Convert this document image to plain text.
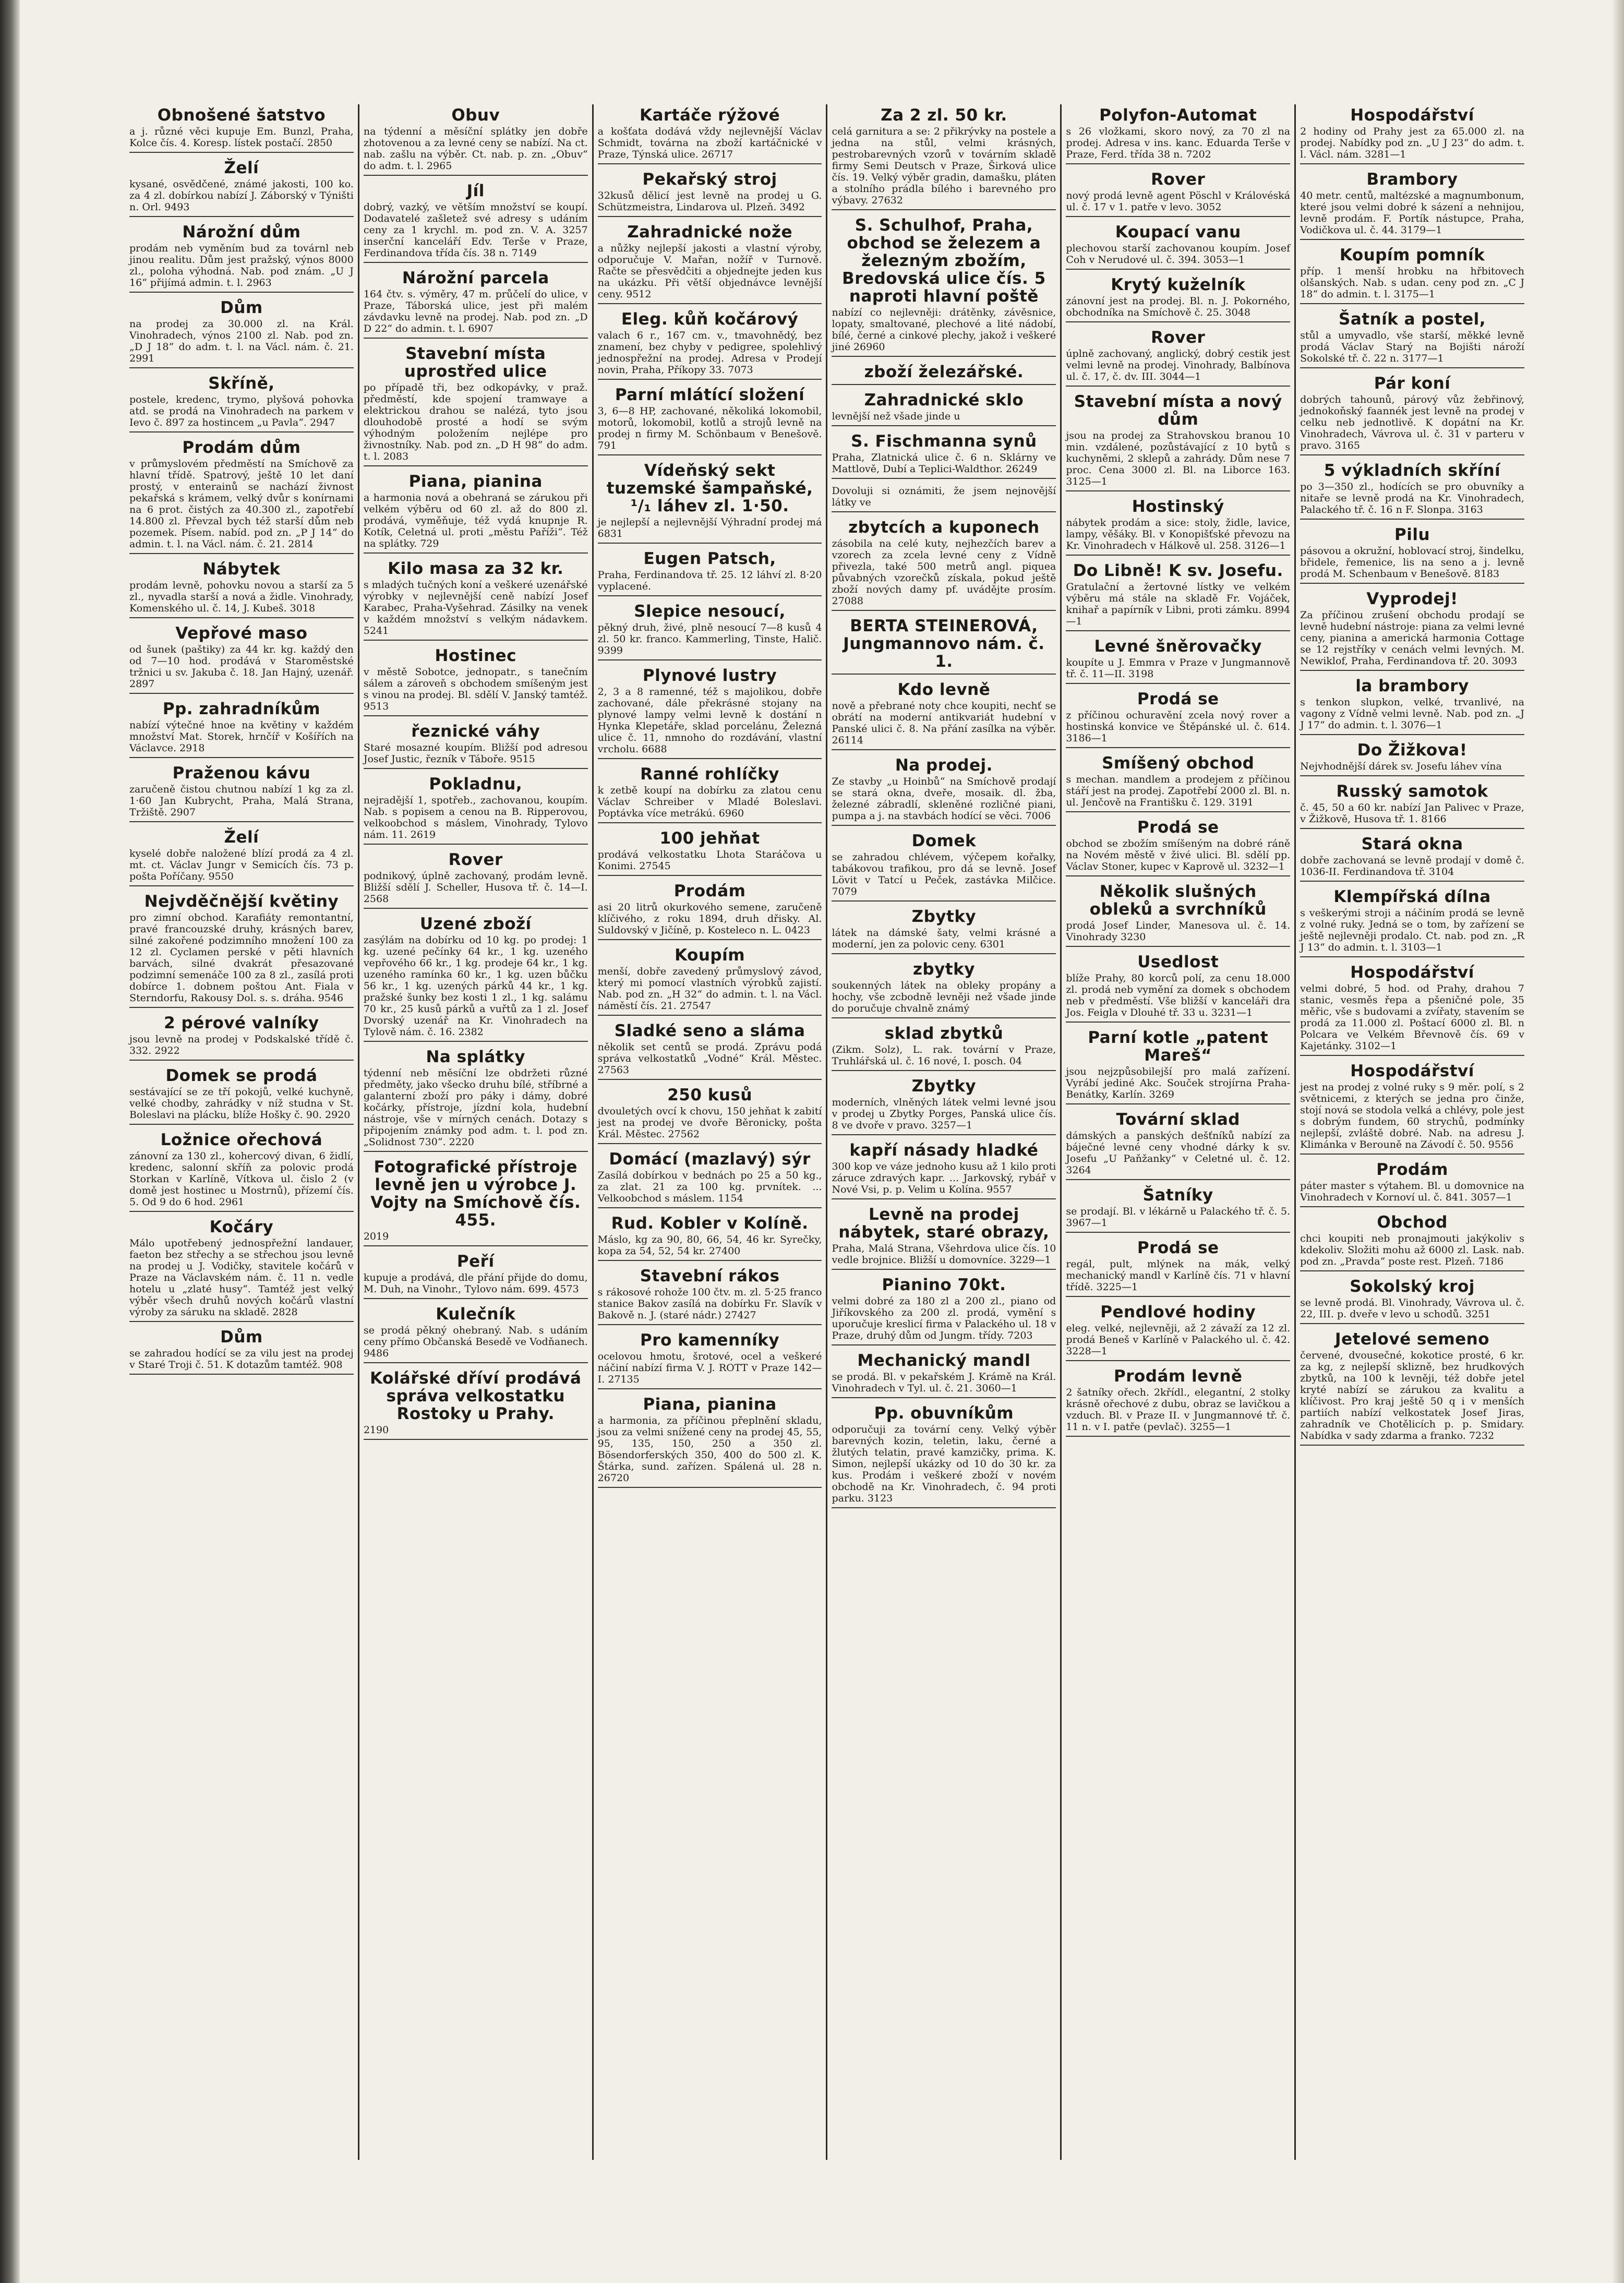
Obnošené šatstvo

a j. různé věci kupuje Em. Bunzl, Praha, Kolce čís. 4. Koresp. lístek postačí. 2850

Želí

kysané, osvědčené, známé jakosti, 100 ko. za 4 zl. dobírkou nabízí J. Záborský v Týništi n. Orl. 9493

Nárožní dům

prodám neb vyměním bud za továrnl neb jinou realitu. Dům jest pražský, výnos 8000 zl., poloha výhodná. Nab. pod znám. „U J 16“ přijímá admin. t. l. 2963

Dům

na prodej za 30.000 zl. na Král. Vinohradech, výnos 2100 zl. Nab. pod zn. „D J 18“ do adm. t. l. na Václ. nám. č. 21. 2991

Skříně,

postele, kredenc, trymo, plyšová pohovka atd. se prodá na Vinohradech na parkem v Ievo č. 897 za hostincem „u Pavla“. 2947

Prodám dům

v průmyslovém předměstí na Smíchově za hlavní třídě. Spatrový, ještě 10 let daní prostý, v enterainů se nachází živnost pekařská s krámem, velký dvůr s konírnami na 6 prot. čistých za 40.300 zl., zapotřebí 14.800 zl. Převzal bych též starší dům neb pozemek. Písem. nabíd. pod zn. „P J 14“ do admin. t. l. na Václ. nám. č. 21. 2814

Nábytek

prodám levně, pohovku novou a starší za 5 zl., nyvadla starší a nová a židle. Vinohrady, Komenského ul. č. 14, J. Kubeš. 3018

Vepřové maso

od šunek (paštiky) za 44 kr. kg. každý den od 7—10 hod. prodává v Staroměstské tržnici u sv. Jakuba č. 18. Jan Hajný, uzenář. 2897

Pp. zahradníkům

nabízí výtečné hnoe na květiny v každém množství Mat. Storek, hrnčíř v Košířích na Václavce. 2918

Praženou kávu

zaručeně čistou chutnou nabízí 1 kg za zl. 1·60 Jan Kubrycht, Praha, Malá Strana, Tržiště. 2907

Želí

kyselé dobře naložené blízí prodá za 4 zl. mt. ct. Václav Jungr v Semicích čís. 73 p. pošta Poříčany. 9550

Nejvděčnější květiny

pro zimní obchod. Karafiáty remontantní, pravé francouzské druhy, krásných barev, silné zakořené podzimního množení 100 za 12 zl. Cyclamen perské v pěti hlavních barvách, silné dvakrát přesazované podzimní semenáče 100 za 8 zl., zasílá proti dobírce 1. dobnem poštou Ant. Fiala v Sterndorfu, Rakousy Dol. s. s. dráha. 9546

2 pérové valníky

jsou levně na prodej v Podskalské třídě č. 332. 2922

Domek se prodá

sestávající se ze tří pokojů, velké kuchyně, velké chodby, zahrádky v níž studna v St. Boleslavi na plácku, blíže Hošky č. 90. 2920

Ložnice ořechová

zánovní za 130 zl., kohercový divan, 6 židlí, kredenc, salonní skříň za polovic prodá Storkan v Karlíně, Vítkova ul. čislo 2 (v domě jest hostinec u Mostrnů), přízemí čís. 5. Od 9 do 6 hod. 2961

Kočáry

Málo upotřebený jednospřežní landauer, faeton bez střechy a se střechou jsou levně na prodej u J. Vodičky, stavitele kočárů v Praze na Václavském nám. č. 11 n. vedle hotelu u „zlaté husy“. Tamtéž jest velký výběr všech druhů nových kočárů vlastní výroby za sáruku na skladě. 2828

Dům

se zahradou hodící se za vilu jest na prodej v Staré Troji č. 51. K dotazům tamtéž. 908

Obuv

na týdenní a měsíční splátky jen dobře zhotovenou a za levné ceny se nabízí. Na ct. nab. zašlu na výběr. Ct. nab. p. zn. „Obuv“ do adm. t. l. 2965

Jíl

dobrý, vazký, ve větším množství se koupí. Dodavatelé zašletež své adresy s udáním ceny za 1 krychl. m. pod zn. V. A. 3257 inserční kanceláří Edv. Terše v Praze, Ferdinandova třída čís. 38 n. 7149

Nárožní parcela

164 čtv. s. výměry, 47 m. průčelí do ulice, v Praze, Táborská ulice, jest při malém závdavku levně na prodej. Nab. pod zn. „D D 22“ do admin. t. l. 6907

Stavební místa uprostřed ulice

po případě tři, bez odkopávky, v praž. předměstí, kde spojení tramwaye a elektrickou drahou se nalézá, tyto jsou dlouhodobě prosté a hodí se svým výhodným položením nejlépe pro živnostníky. Nab. pod zn. „D H 98“ do adm. t. l. 2083

Piana, pianina

a harmonia nová a obehraná se zárukou při velkém výběru od 60 zl. až do 800 zl. prodává, vyměňuje, též vydá knupnje R. Kotík, Celetná ul. proti „městu Paříži“. Též na splátky. 729

Kilo masa za 32 kr.

s mladých tučných koní a veškeré uzenářské výrobky v nejlevnější ceně nabízí Josef Karabec, Praha-Vyšehrad. Zásilky na venek v každém množství s velkým nádavkem. 5241

Hostinec

v městě Sobotce, jednopatr., s tanečním sálem a zároveň s obchodem smíšeným jest s vinou na prodej. Bl. sdělí V. Janský tamtéž. 9513

řeznické váhy

Staré mosazné koupím. Bližší pod adresou Josef Justic, řezník v Táboře. 9515

Pokladnu,

nejradější 1, spotřeb., zachovanou, koupím. Nab. s popisem a cenou na B. Ripperovou, velkoobchod s máslem, Vinohrady, Tylovo nám. 11. 2619

Rover

podnikový, úplně zachovaný, prodám levně. Bližší sdělí J. Scheller, Husova tř. č. 14—I. 2568

Uzené zboží

zasýlám na dobírku od 10 kg. po prodej: 1 kg. uzené pečínky 64 kr., 1 kg. uzeného vepřového 66 kr., 1 kg. prodeje 64 kr., 1 kg. uzeného ramínka 60 kr., 1 kg. uzen bůčku 56 kr., 1 kg. uzených párků 44 kr., 1 kg. pražské šunky bez kosti 1 zl., 1 kg. salámu 70 kr., 25 kusů párků a vuřtů za 1 zl. Josef Dvorský uzenář na Kr. Vinohradech na Tylově nám. č. 16. 2382

Na splátky

týdenní neb měsíční lze obdržeti různé předměty, jako všecko druhu bílé, stříbrné a galanterní zboží pro páky i dámy, dobré kočárky, přístroje, jízdní kola, hudební nástroje, vše v mírných cenách. Dotazy s připojením známky pod adm. t. l. pod zn. „Solidnost 730“. 2220

Fotografické přístroje levně jen u výrobce J. Vojty na Smíchově čís. 455.

2019

Peří

kupuje a prodává, dle přání přijde do domu, M. Duh, na Vinohr., Tylovo nám. 699. 4573

Kulečník

se prodá pěkný ohebraný. Nab. s udáním ceny přímo Občanská Besedě ve Vodňanech. 9486

Kolářské dříví prodává správa velkostatku Rostoky u Prahy.

2190

Kartáče rýžové

a košťata dodává vždy nejlevnější Václav Schmidt, továrna na zboží kartáčnické v Praze, Týnská ulice. 26717

Pekařský stroj

32kusů dělicí jest levně na prodej u G. Schützmeistra, Lindarova ul. Plzeň. 3492

Zahradnické nože

a nůžky nejlepší jakosti a vlastní výroby, odporučuje V. Mařan, nožíř v Turnově. Račte se přesvědčiti a objednejte jeden kus na ukázku. Při větší objednávce levnější ceny. 9512

Eleg. kůň kočárový

valach 6 r., 167 cm. v., tmavohnědý, bez znamení, bez chyby v pedigree, spolehlivý jednospřežní na prodej. Adresa v Prodejí novin, Praha, Příkopy 33. 7073

Parní mlátící složení

3, 6—8 HP, zachované, několiká lokomobil, motorů, lokomobil, kotlů a strojů levně na prodej n firmy M. Schönbaum v Benešově. 791

Vídeňský sekt tuzemské šampaňské, ¹/₁ láhev zl. 1·50.

je nejlepší a nejlevnější Výhradní prodej má 6831

Eugen Patsch,

Praha, Ferdinandova tř. 25. 12 láhví zl. 8·20 vyplacené.

Slepice nesoucí,

pěkný druh, živé, plně nesoucí 7—8 kusů 4 zl. 50 kr. franco. Kammerling, Tinste, Halič. 9399

Plynové lustry

2, 3 a 8 ramenné, též s majolikou, dobře zachované, dále překrásné stojany na plynové lampy velmi levně k dostání n Hynka Klepetáře, sklad porcelánu, Železná ulice č. 11, nmnoho do rozdávání, vlastní vrcholu. 6688

Ranné rohlíčky

k zetbě koupí na dobírku za zlatou cenu Václav Schreiber v Mladé Boleslavi. Poptávka více metrákú. 6960

100 jehňat

prodává velkostatku Lhota Staráčova u Konimi. 27545

Prodám

asi 20 litrů okurkového semene, zaručeně klíčivého, z roku 1894, druh dřisky. Al. Suldovský v Jičíně, p. Kosteleco n. L. 0423

Koupím

menší, dobře zavedený průmyslový závod, který mi pomocí vlastních výrobků zajistí. Nab. pod zn. „H 32“ do admin. t. l. na Václ. náměstí čís. 21. 27547

Sladké seno a sláma

několik set centů se prodá. Zprávu podá správa velkostatků „Vodné“ Král. Městec. 27563

250 kusů

dvouletých ovcí k chovu, 150 jehňat k zabití jest na prodej ve dvoře Běronicky, pošta Král. Městec. 27562

Domácí (mazlavý) sýr

Zasílá dobírkou v bednách po 25 a 50 kg., za zlat. 21 za 100 kg. prvnítek. ... Velkoobchod s máslem. 1154

Rud. Kobler v Kolíně.

Máslo, kg za 90, 80, 66, 54, 46 kr. Syrečky, kopa za 54, 52, 54 kr. 27400

Stavební rákos

s rákosové rohože 100 čtv. m. zl. 5·25 franco stanice Bakov zasílá na dobírku Fr. Slavík v Bakově n. J. (staré nádr.) 27427

Pro kamenníky

ocelovou hmotu, šrotové, ocel a veškeré náčiní nabízí firma V. J. ROTT v Praze 142—I. 27135

Piana, pianina

a harmonia, za příčinou přeplnění skladu, jsou za velmi snížené ceny na prodej 45, 55, 95, 135, 150, 250 a 350 zl. Bösendorferských 350, 400 do 500 zl. K. Štárka, sund. zařízen. Spálená ul. 28 n. 26720

Za 2 zl. 50 kr.

celá garnitura a se: 2 přikrývky na postele a jedna na stůl, velmi krásných, pestrobarevných vzorů v továrním skladě firmy Semi Deutsch v Praze, Širková ulice čís. 19. Velký výběr gradin, damašku, pláten a stolního prádla bílého i barevného pro výbavy. 27632

S. Schulhof, Praha, obchod se železem a železným zbožím, Bredovská ulice čís. 5 naproti hlavní poště

nabízí co nejlevněji: drátěnky, závěsnice, lopaty, smaltované, plechové a lité nádobí, bílé, černé a cinkové plechy, jakož i veškeré jiné 26960

zboží železářské.
Zahradnické sklo

levnější než všade jinde u

S. Fischmanna synů

Praha, Zlatnická ulice č. 6 n. Sklárny ve Mattlově, Dubí a Teplici-Waldthor. 26249

Dovoluji si oznámiti, že jsem nejnovější látky ve

zbytcích a kuponech

zásobila na celé kuty, nejhezčích barev a vzorech za zcela levné ceny z Vídně přivezla, také 500 metrů angl. piquea půvabných vzorečků získala, pokud ještě zboží nových damy pf. uvádějte prosím. 27088

BERTA STEINEROVÁ, Jungmannovo nám. č. 1.
Kdo levně

nově a přebrané noty chce koupiti, nechť se obrátí na moderní antikvariát hudební v Panské ulici č. 8. Na přání zasílka na výběr. 26114

Na prodej.

Ze stavby „u Hoinbů“ na Smíchově prodají se stará okna, dveře, mosaik. dl. žba, železné zábradlí, skleněné rozličné piani, pumpa a j. na stavbách hodící se věci. 7006

Domek

se zahradou chlévem, výčepem kořalky, tabákovou trafikou, pro dá se levně. Josef Lövit v Tatcí u Peček, zastávka Milčice. 7079

Zbytky

látek na dámské šaty, velmi krásné a moderní, jen za polovic ceny. 6301

zbytky

soukenných látek na obleky propány a hochy, vše zcbodně levněji než všade jinde do poručuje chvalně známý

sklad zbytků

(Zikm. Solz), L. rak. tovární v Praze, Truhlářská ul. č. 16 nové, I. posch. 04

Zbytky

moderních, vlněných látek velmi levné jsou v prodej u Zbytky Porges, Panská ulice čís. 8 ve dvoře v pravo. 3257—1

kapří násady hladké

300 kop ve váze jednoho kusu až 1 kilo proti záruce zdravých kapr. ... Jarkovský, rybář v Nové Vsi, p. p. Velim u Kolína. 9557

Levně na prodej nábytek, staré obrazy,

Praha, Malá Strana, Všehrdova ulice čís. 10 vedle brojnice. Bližší u domovníce. 3229—1

Pianino 70kt.

velmi dobré za 180 zl a 200 zl., piano od Jiříkovského za 200 zl. prodá, vymění s uporučuje kreslicí firma v Palackého ul. 18 v Praze, druhý dům od Jungm. třídy. 7203

Mechanický mandl

se prodá. Bl. v pekařském J. Krámě na Král. Vinohradech v Tyl. ul. č. 21. 3060—1

Pp. obuvníkům

odporučuji za tovární ceny. Velký výběr barevných kozin, teletin, laku, černé a žlutých telatin, pravé kamzičky, prima. K. Simon, nejlepší ukázky od 10 do 30 kr. za kus. Prodám i veškeré zboží v novém obchodě na Kr. Vinohradech, č. 94 proti parku. 3123

Polyfon-Automat

s 26 vložkami, skoro nový, za 70 zl na prodej. Adresa v ins. kanc. Eduarda Terše v Praze, Ferd. třída 38 n. 7202

Rover

nový prodá levně agent Pöschl v Královéská ul. č. 17 v 1. patře v levo. 3052

Koupací vanu

plechovou starší zachovanou koupím. Josef Coh v Nerudové ul. č. 394. 3053—1

Krytý kuželník

zánovní jest na prodej. Bl. n. J. Pokorného, obchodníka na Smíchově č. 25. 3048

Rover

úplně zachovaný, anglický, dobrý cestik jest velmi levně na prodej. Vinohrady, Balbínova ul. č. 17, č. dv. III. 3044—1

Stavební místa a nový dům

jsou na prodej za Strahovskou branou 10 min. vzdálené, pozůstávající z 10 bytů s kuchyněmi, 2 sklepů a zahrády. Dům nese 7 proc. Cena 3000 zl. Bl. na Liborce 163. 3125—1

Hostinský

nábytek prodám a sice: stoly, židle, lavice, lampy, věšáky. Bl. v Konopišťské převozu na Kr. Vinohradech v Hálkově ul. 258. 3126—1

Do Libně! K sv. Josefu.

Gratulační a žertovné lístky ve velkém výběru má stále na skladě Fr. Vojáček, knihař a papírník v Libni, proti zámku. 8994—1

Levné šněrovačky

koupíte u J. Emmra v Praze v Jungmannově tř. č. 11—II. 3198

Prodá se

z příčinou ochuravění zcela nový rover a hostinská konvice ve Štěpánské ul. č. 614. 3186—1

Smíšený obchod

s mechan. mandlem a prodejem z příčinou stáří jest na prodej. Zapotřebí 2000 zl. Bl. n. ul. Jenčově na Františku č. 129. 3191

Prodá se

obchod se zbožím smíšeným na dobré ráně na Novém městě v živé ulici. Bl. sdělí pp. Václav Stoner, kupec v Kaprově ul. 3232—1

Několik slušných obleků a svrchníků

prodá Josef Linder, Manesova ul. č. 14. Vinohrady 3230

Usedlost

blíže Prahy, 80 korců polí, za cenu 18.000 zl. prodá neb vymění za domek s obchodem neb v předměstí. Vše bližší v kanceláři dra Jos. Feigla v Dlouhé tř. 33 u. 3231—1

Parní kotle „patent Mareš“

jsou nejzpůsobilejší pro malá zařízení. Vyrábí jediné Akc. Souček strojírna Praha-Benátky, Karlín. 3269

Tovární sklad

dámských a panských dešťníků nabízí za báječné levné ceny vhodné dárky k sv. Josefu „U Paňžanky“ v Celetné ul. č. 12. 3264

Šatníky

se prodají. Bl. v lékárně u Palackého tř. č. 5. 3967—1

Prodá se

regál, pult, mlýnek na mák, velký mechanický mandl v Karlíně čís. 71 v hlavní třídě. 3225—1

Pendlové hodiny

eleg. velké, nejlevněji, až 2 závaží za 12 zl. prodá Beneš v Karlíně v Palackého ul. č. 42. 3228—1

Prodám levně

2 šatníky ořech. 2křídl., elegantní, 2 stolky krásně ořechové z dubu, obraz se lavičkou a vzduch. Bl. v Praze II. v Jungmannové tř. č. 11 n. v I. patře (pevlač). 3255—1

Hospodářství

2 hodiny od Prahy jest za 65.000 zl. na prodej. Nabídky pod zn. „U J 23“ do adm. t. l. Václ. nám. 3281—1

Brambory

40 metr. centů, maltézské a magnumbonum, které jsou velmi dobré k sázení a nehnijou, levně prodám. F. Portík nástupce, Praha, Vodičkova ul. č. 44. 3179—1

Koupím pomník

příp. 1 menší hrobku na hřbitovech olšanských. Nab. s udan. ceny pod zn. „C J 18“ do admin. t. l. 3175—1

Šatník a postel,

stůl a umyvadlo, vše starší, měkké levně prodá Václav Starý na Bojišti nároží Sokolské tř. č. 22 n. 3177—1

Pár koní

dobrých tahounů, párový vůz žebřinový, jednokoňský faannék jest levně na prodej v celku neb jednotlivě. K dopátní na Kr. Vinohradech, Vávrova ul. č. 31 v parteru v pravo. 3165

5 výkladních skříní

po 3—350 zl., hodících se pro obuvníky a nitaře se levně prodá na Kr. Vinohradech, Palackého tř. č. 16 n F. Slonpa. 3163

Pilu

pásovou a okružní, hoblovací stroj, šindelku, břidele, řemenice, lis na seno a j. levně prodá M. Schenbaum v Benešově. 8183

Vyprodej!

Za příčinou zrušení obchodu prodají se levně hudební nástroje: piana za velmi levné ceny, pianina a americká harmonia Cottage se 12 rejstříky v cenách velmi levných. M. Newiklof, Praha, Ferdinandova tř. 20. 3093

la brambory

s tenkon slupkon, velké, trvanlivé, na vagony z Vídně velmi levně. Nab. pod zn. „J J 17“ do admin. t. l. 3076—1

Do Žižkova!

Nejvhodnější dárek sv. Josefu láhev vína

Russký samotok

č. 45, 50 a 60 kr. nabízí Jan Palivec v Praze, v Žižkově, Husova tř. 1. 8166

Stará okna

dobře zachovaná se levně prodají v domě č. 1036-II. Ferdinandova tř. 3104

Klempířská dílna

s veškerými stroji a náčiním prodá se levně z volné ruky. Jedná se o tom, by zařízení se ještě nejlevněji prodalo. Ct. nab. pod zn. „R J 13“ do admin. t. l. 3103—1

Hospodářství

velmi dobré, 5 hod. od Prahy, drahou 7 stanic, vesměs řepa a pšeničné pole, 35 měřic, vše s budovami a zvířaty, stavením se prodá za 11.000 zl. Poštací 6000 zl. Bl. n Polcara ve Velkém Břevnově čís. 69 v Kajetánky. 3102—1

Hospodářství

jest na prodej z volné ruky s 9 měr. polí, s 2 světnicemi, z kterých se jedna pro činže, stojí nová se stodola velká a chlévy, pole jest s dobrým fundem, 60 strychů, podmínky nejlepší, zvláště dobré. Nab. na adresu J. Klimánka v Berouně na Závodí č. 50. 9556

Prodám

páter master s výtahem. Bl. u domovnice na Vinohradech v Kornoví ul. č. 841. 3057—1

Obchod

chci koupiti neb pronajmouti jakýkoliv s kdekoliv. Složiti mohu až 6000 zl. Lask. nab. pod zn. „Pravda“ poste rest. Plzeň. 7186

Sokolský kroj

se levně prodá. Bl. Vinohrady, Vávrova ul. č. 22, III. p. dveře v levo u schodů. 3251

Jetelové semeno

červené, dvousečné, kokotice prosté, 6 kr. za kg, z nejlepší sklizně, bez hrudkových zbytků, na 100 k levněji, též dobře jetel kryté nabízí se zárukou za kvalitu a klíčivost. Pro kraj ještě 50 q i v menších partiích nabízí velkostatek Josef Jiras, zahradník ve Chotělicích p. p. Smidary. Nabídka v sady zdarma a franko. 7232
